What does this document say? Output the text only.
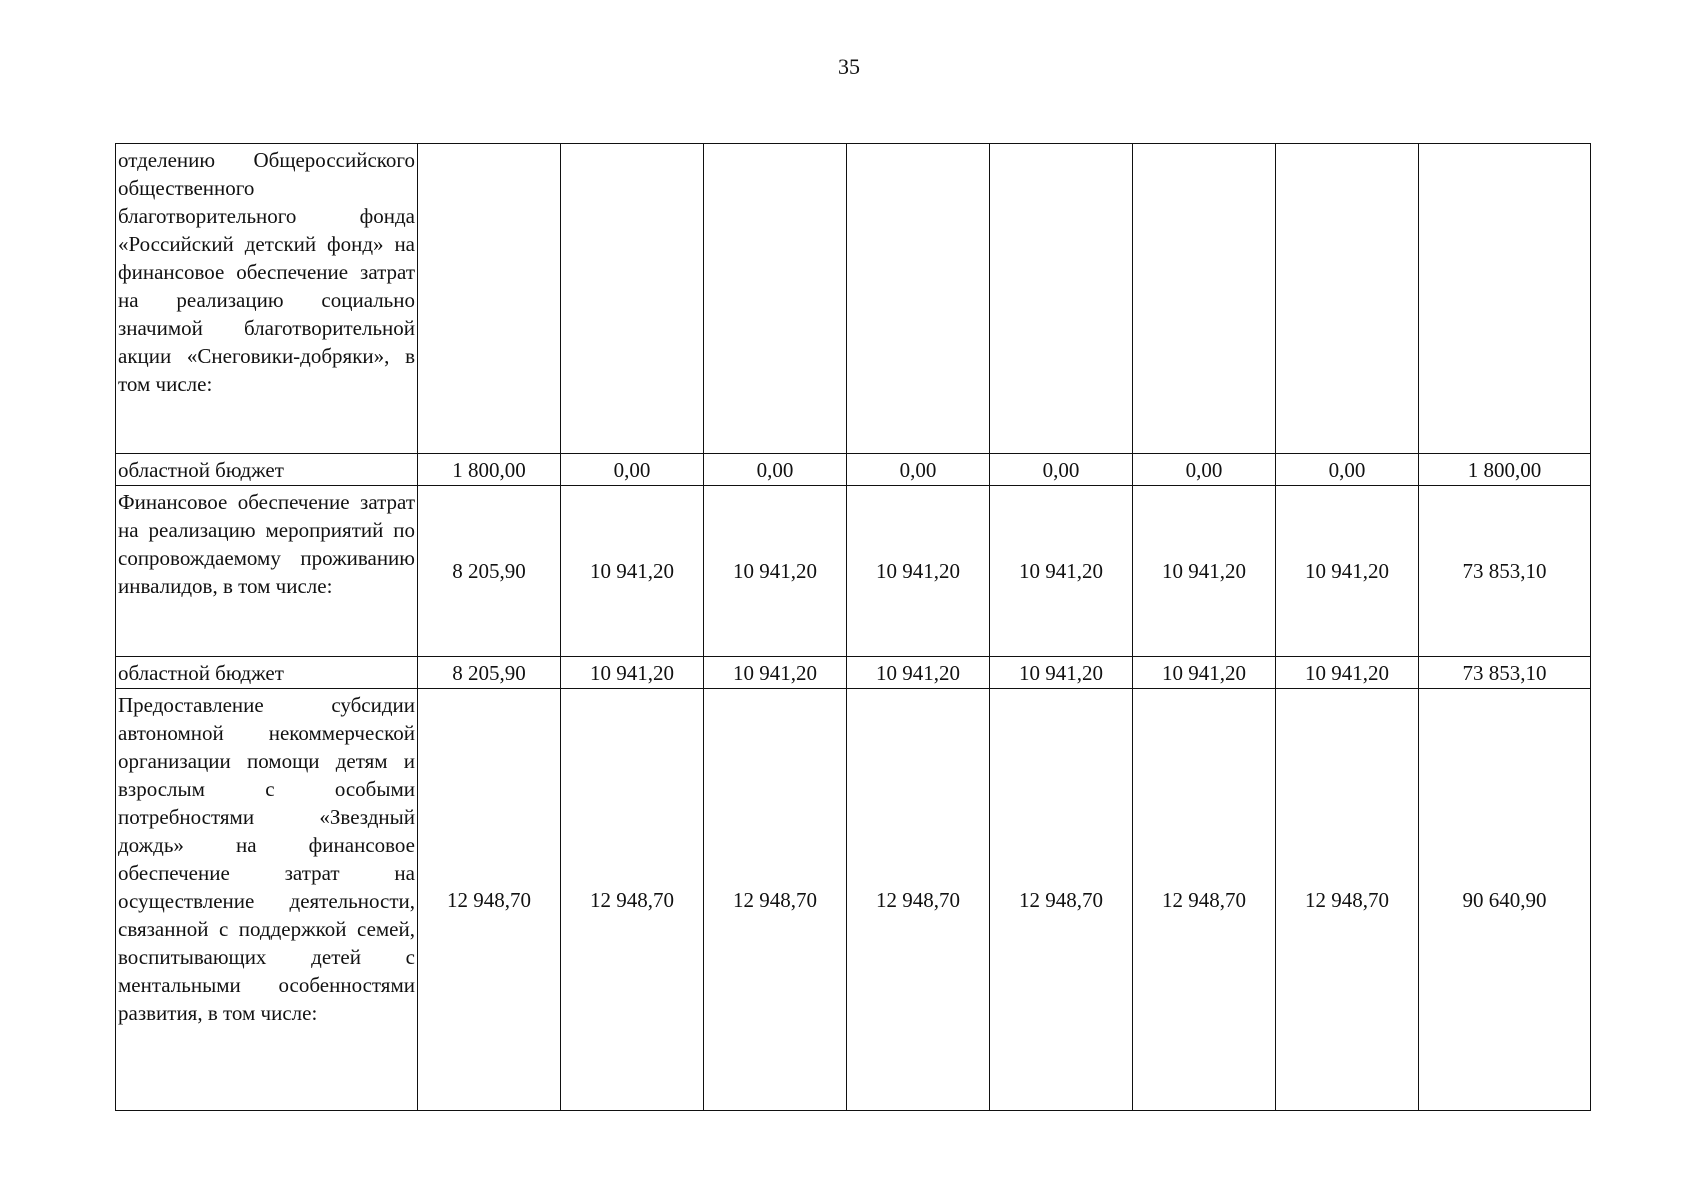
35
отделению Общероссийского общественного благотворительного фонда «Российский детский фонд» на финансовое обеспечение затрат на реализацию социально значимой благотворительной акции «Снеговики-добряки», в том числе:								
областной бюджет	1 800,00	0,00	0,00	0,00	0,00	0,00	0,00	1 800,00
Финансовое обеспечение затрат на реализацию мероприятий по сопровождаемому проживанию инвалидов, в том числе:	8 205,90	10 941,20	10 941,20	10 941,20	10 941,20	10 941,20	10 941,20	73 853,10
областной бюджет	8 205,90	10 941,20	10 941,20	10 941,20	10 941,20	10 941,20	10 941,20	73 853,10
Предоставление субсидии автономной некоммерческой организации помощи детям и взрослым с особыми потребностями «Звездный дождь» на финансовое обеспечение затрат на осуществление деятельности, связанной с поддержкой семей, воспитывающих детей с ментальными особенностями развития, в том числе:	12 948,70	12 948,70	12 948,70	12 948,70	12 948,70	12 948,70	12 948,70	90 640,90
